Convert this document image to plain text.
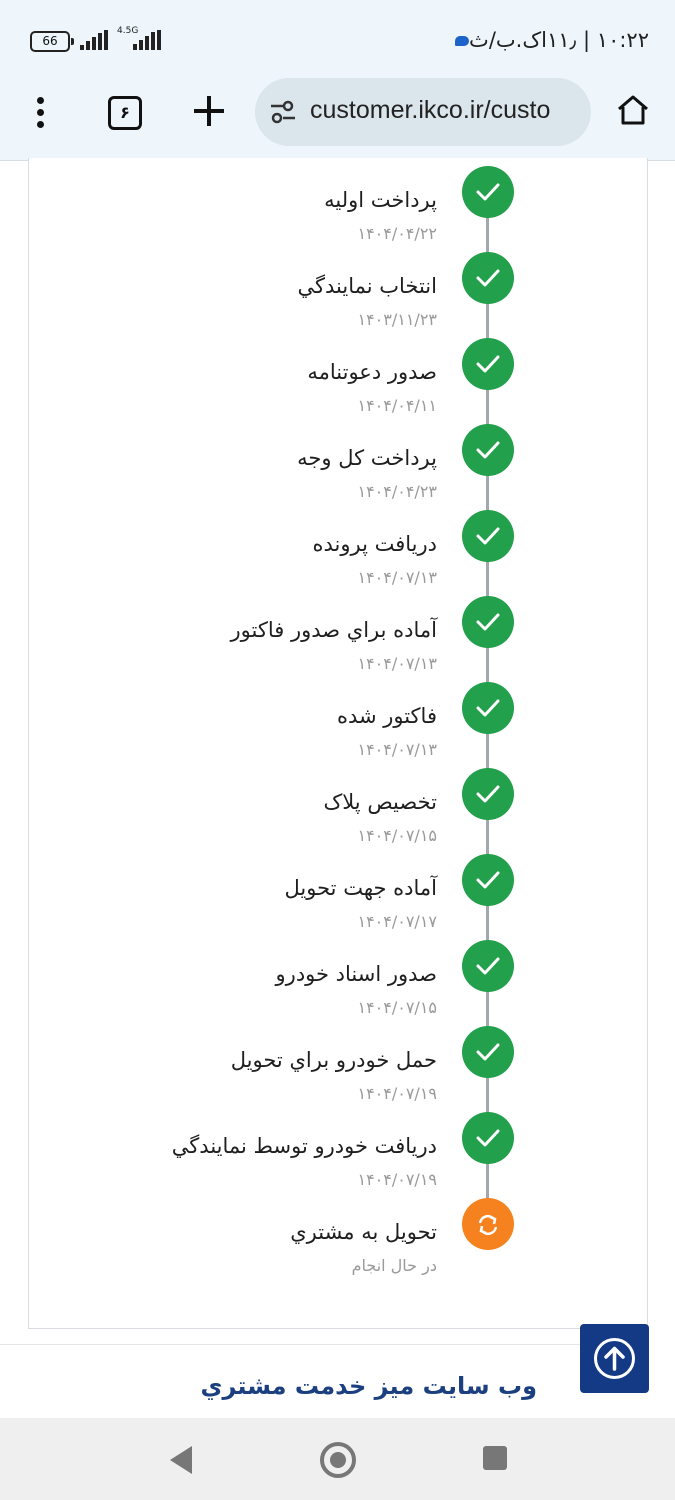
66
4.5G	۱۰:۲۲ | ۱۱٫اک.ب/ث
۶	customer.ikco.ir/custo
پرداخت اوليه
۱۴۰۴/۰۴/۲۲
انتخاب نمايندگي
۱۴۰۳/۱۱/۲۳
صدور دعوتنامه
۱۴۰۴/۰۴/۱۱
پرداخت کل وجه
۱۴۰۴/۰۴/۲۳
دريافت پرونده
۱۴۰۴/۰۷/۱۳
آماده براي صدور فاکتور
۱۴۰۴/۰۷/۱۳
فاکتور شده
۱۴۰۴/۰۷/۱۳
تخصيص پلاک
۱۴۰۴/۰۷/۱۵
آماده جهت تحويل
۱۴۰۴/۰۷/۱۷
صدور اسناد خودرو
۱۴۰۴/۰۷/۱۵
حمل خودرو براي تحويل
۱۴۰۴/۰۷/۱۹
دريافت خودرو توسط نمايندگي
۱۴۰۴/۰۷/۱۹
تحويل به مشتري
در حال انجام
وب سايت ميز خدمت مشتري
